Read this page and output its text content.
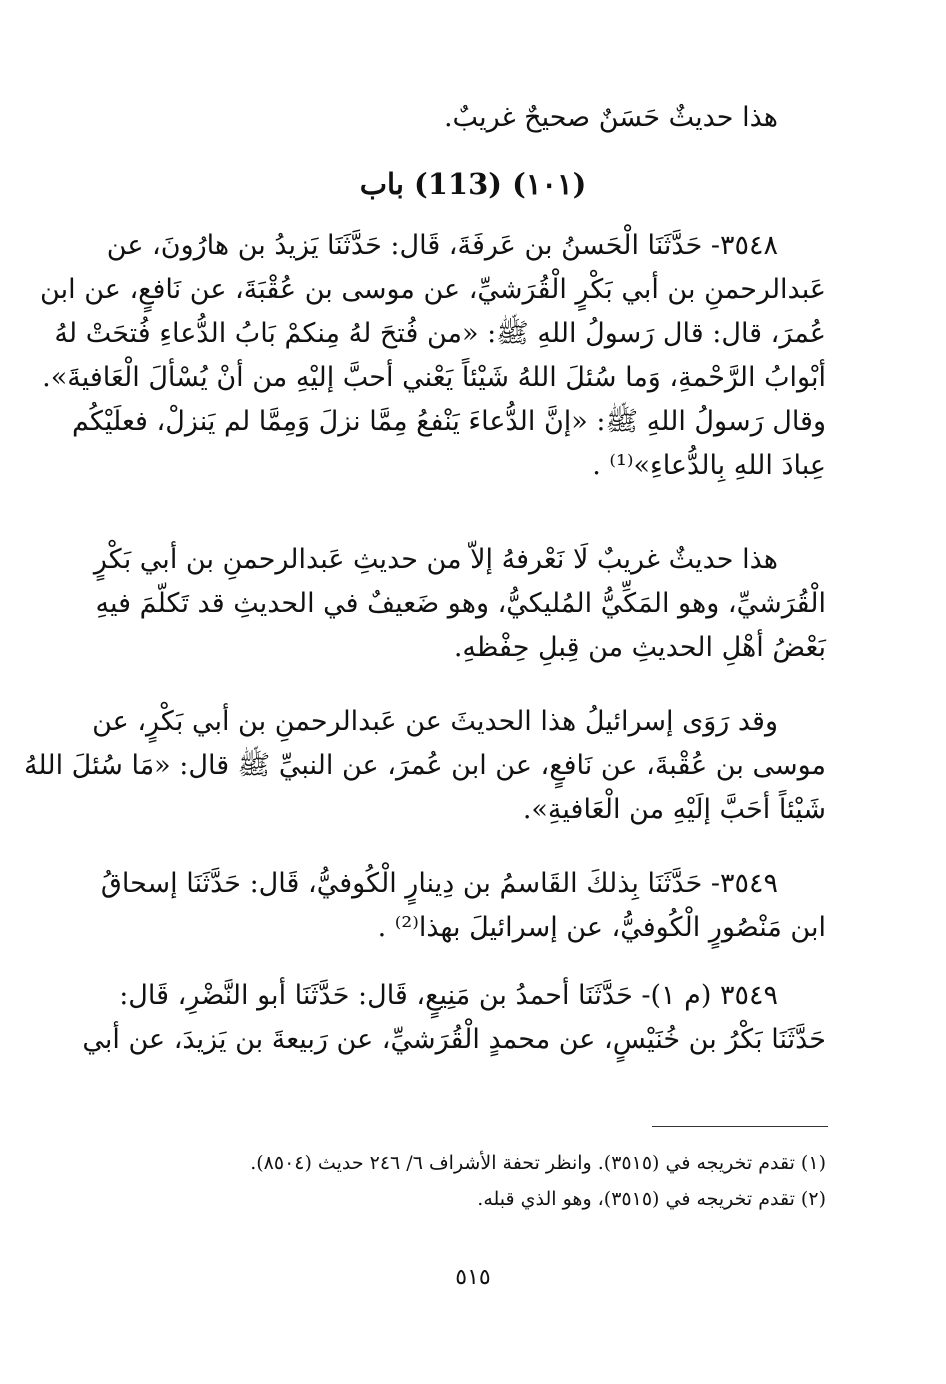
هذا حديثٌ حَسَنٌ صحيحٌ غريبٌ.
(١٠١) (113) باب
٣٥٤٨- حَدَّثَنَا الْحَسنُ بن عَرفَةَ، قَال: حَدَّثَنَا يَزيدُ بن هارُونَ، عن
عَبدالرحمنِ بن أبي بَكْرٍ الْقُرَشيِّ، عن موسى بن عُقْبَةَ، عن نَافعٍ، عن ابن
عُمرَ، قال: قال رَسولُ اللهِ ﷺ: «من فُتحَ لهُ مِنكمْ بَابُ الدُّعاءِ فُتحَتْ لهُ
أبْوابُ الرَّحْمةِ، وَما سُئلَ اللهُ شَيْئاً يَعْني أحبَّ إليْهِ من أنْ يُسْألَ الْعَافيةَ».
وقال رَسولُ اللهِ ﷺ: «إنَّ الدُّعاءَ يَنْفعُ مِمَّا نزلَ وَمِمَّا لم يَنزلْ، فعلَيْكُم
عِبادَ اللهِ بِالدُّعاءِ»⁽¹⁾ .
هذا حديثٌ غريبٌ لَا نَعْرفهُ إلاّ من حديثِ عَبدالرحمنِ بن أبي بَكْرٍ
الْقُرَشيِّ، وهو المَكِّيُّ المُليكيُّ، وهو ضَعيفٌ في الحديثِ قد تَكلّمَ فيهِ
بَعْضُ أهْلِ الحديثِ من قِبلِ حِفْظهِ.
وقد رَوَى إسرائيلُ هذا الحديثَ عن عَبدالرحمنِ بن أبي بَكْرٍ، عن
موسى بن عُقْبةَ، عن نَافعٍ، عن ابن عُمرَ، عن النبيِّ ﷺ قال: «مَا سُئلَ اللهُ
شَيْئاً أحَبَّ إلَيْهِ من الْعَافيةِ».
٣٥٤٩- حَدَّثَنَا بِذلكَ القَاسمُ بن دِينارٍ الْكُوفيُّ، قَال: حَدَّثَنَا إسحاقُ
ابن مَنْصُورٍ الْكُوفيُّ، عن إسرائيلَ بهذا⁽²⁾ .
٣٥٤٩ (م ١)- حَدَّثَنَا أحمدُ بن مَنِيعٍ، قَال: حَدَّثَنَا أبو النَّضْرِ، قَال:
حَدَّثَنَا بَكْرُ بن خُنَيْسٍ، عن محمدٍ الْقُرَشيِّ، عن رَبيعةَ بن يَزيدَ، عن أبي
(١) تقدم تخريجه في (٣٥١٥). وانظر تحفة الأشراف ٦/ ٢٤٦ حديث (٨٥٠٤).
(٢) تقدم تخريجه في (٣٥١٥)، وهو الذي قبله.
٥١٥
